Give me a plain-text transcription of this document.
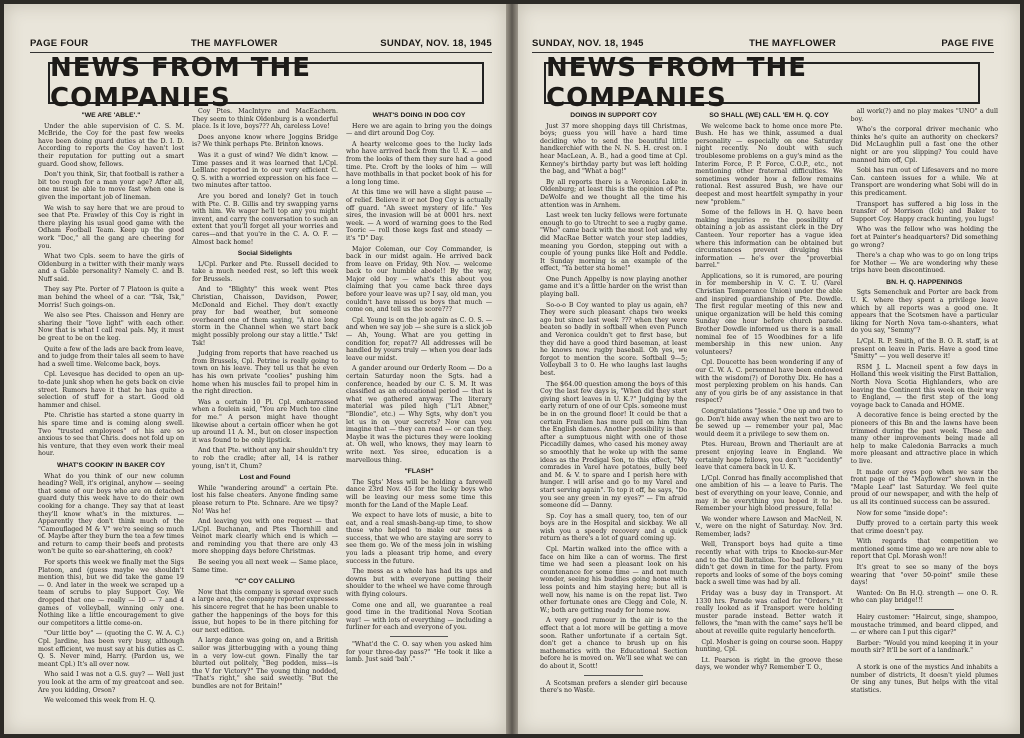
PAGE FOUR	THE MAYFLOWER	SUNDAY, NOV. 18, 1945
NEWS FROM THE COMPANIES
"WE ARE 'ABLE'."

Under the able supervision of C. S. M. McBride, the Coy for the past few weeks have been doing guard duties at the D. I. D. According to reports the Coy haven't lost their reputation for putting out a smart guard. Good show, fellows.

Don't you think, Sir, that football is rather a bit too rough for a man your age? After all, one must be able to move fast when one is given the important job of lineman.

We wish to say here that we are proud to see that Pte. Frawley of this Coy is right in there playing his usual good game with the Odham Football Team. Keep up the good work "Doc," all the gang are cheering for you.

What two Cpls. seem to have the girls of Oldenburg in a twitter with their manly ways and a Gable personality? Namely C. and B. Nuff said.

They say Pte. Porter of 7 Platoon is quite a man behind the wheel of a car. "Tsk, Tsk," Morris! Such goings-on.

We also see Ptes. Chaisson and Henry are sharing their "love light" with each other. Now that is what I call real pals. My, it must be great to be on the keg.

Quite a few of the lads are back from leave, and to judge from their tales all seem to have had a swell time. Welcome back, boys.

Cpl. Levesque has decided to open an up-to-date junk shop when he gets back on civie street. Rumors have it that he has quite a selection of stuff for a start. Good old hammer and chisel.

Pte. Christie has started a stone quarry in his spare time and is coming along swell. Two "trusted employees" of his are so anxious to see that Chris. does not fold up on his venture, that they even work their meal hour.

WHAT'S COOKIN' IN BAKER COY

What do you think of our new column heading? Well, it's original, anyhow — seeing that some of our boys who are on detached guard duty this week have to do their own cooking for a change. They say that at least they'll know what's in the mixtures. — Apparently they don't think much of the "Camouflaged M & V" we're seeing so much of. Maybe after they burn the tea a few times and return to camp their beefs and protests won't be quite so ear-shattering, eh cook?

For sports this week we finally met the Sigs Platoon, and (guess maybe we shouldn't mention this), but we did take the game 19 — 0. And later in the week we scraped up a team of scrubs to play Support Coy. We dropped that one — really — 10 — 7 and 4 games of volleyball, winning only one. Nothing like a little encouragement to give our competitors a little come-on.

"Our little boy" — (quoting the C. W. A. C.) Cpl. Jardine, has been very busy, although most efficient, we must say at his duties as C. Q. S. Never mind, Harry. (Pardon us, we meant Cpl.) It's all over now.

Who said I was not a G.S. guy? — Well just you look at the arm of my greatcoat and see. Are you kidding, Orson?

We welcomed this week from H. Q.

Coy Ptes. MacIntyre and MacEachern. They seem to think Oldenburg is a wonderful place. Is it love, boys??? Ah, careless Love!

Does anyone know where Joggins Bridge is? We think perhaps Pte. Brinton knows.

Was it a gust of wind? We didn't know. — Time passes and it was learned that L/Cpl. LeBlanc reported in to our very efficient C. Q. S. with a worried expression on his face — two minutes after tattoo.

Are you bored and lonely? Get in touch with Pte. C. B. Gillis and try swapping yarns with him. We wager he'll top any you might invent, and carry the conversation to such an extent that you'll forget all your worries and cares—and that you're in the C. A. O. F. — Almost back home!

Social Sidelights

L/Cpl. Parker and Pte. Russell decided to take a much needed rest, so left this week for Brussels.

And to "Blighty" this week went Ptes Christian, Chaisson, Davidson, Power, McDonald and Eichel. They don't exactly pray for bad weather, but someone overheard one of them saying, "A nice long storm in the Channel when we start back might possibly prolong our stay a little." Tsk! Tsk!

Judging from reports that have reached us from Brussels, Cpl. Petrine is really going to town on his leave. They tell us that he even has his own private "coolies" pushing him home when his muscles fail to propel him in the right direction.

Was a certain 10 Pl. Cpl. embarrassed when a foulein said, "You are Much too cline for me." A person might have thought likewise about a certain officer when he got up around 11 A. M., but on closer inspection it was found to be only lipstick.

And that Pte. without any hair shouldn't try to rob the cradle; after all, 14 is rather young, isn't it, Chum?

Lost and Found

While "wandering around" a certain Pte. lost his false cheaters. Anyone finding same please return to Pte. Schnare. Are we tipsy? No! Was he!

And leaving you with one request — that L/Cpl. Buchanan, and Ptes Thornhill and Veinot mark clearly which end is which — and reminding you that there are only 43 more shopping days before Christmas.

Be seeing you all next week — Same place, Same time.

"C" COY CALLING

Now that this company is spread over such a large area, the company reporter expresses his sincere regret that he has been unable to gather the happenings of the boys for this issue, but hopes to be in there pitching for our next edition.

A large dance was going on, and a British sailor was jitterbugging with a young thing in a very low-cut gown. Finally the tar blurted out politely, "Beg podden, miss—is the V for Victory?" The young thing nodded, "That's right," she said sweetly. "But the bundles are not for Britain!"

WHAT'S DOING IN DOG COY

Here we are again to bring you the doings — and dirt around Dog Coy.

A hearty welcome goes to the lucky lads who have arrived back from the U. K. — and from the looks of them they sure had a good time. Pte. Croft by the looks of him — will have mothballs in that pocket book of his for a long long time.

At this time we will have a slight pause — of relief. Believe it or not Dog Coy is actually off guard. "Ah sweet mystery of life." Yes sires, the invasion will be at 0001 hrs. next week. — A word of warning goes to the Red Tooric — roll those kegs fast and steady — it's "D" Day.

Major Coleman, our Coy Commander, is back in our midst again. He arrived back from leave on Friday, 9th Nov. — welcome back to our humble abode!! By the way, Major old boy — what's this about you claiming that you came back three days before your leave was up? I say, old man, you couldn't have missed us boys that much — come on, and tell us the score???

Cpl. Young is on the job again as C. O. S. — and when we say job — she sure is a slick job — Ah, Young. What are you getting in condition for, repat?? All addresses will be handled by yours truly — when you dear lads leave our midst.

A gander around our Orderly Room — Do a certain Saturday noon the Sgts. had a conference, headed by our C. S. M. It was classified as an educational period — that is what we gathered anyway. The literary material was piled high ("Li'l Abner," "Blondie", etc.) — Why Sgts, why don't you let us in on your secrets? Now can you imagine that — they can read — or can they. Maybe it was the pictures they were looking at. Oh well, who knows, they may learn to write next. Yes siree, education is a marvellous thing.

"FLASH"

The Sgts' Mess will be holding a farewell dance 23rd Nov. 45 for the lucky boys who will be leaving our mess some time this month for the Land of the Maple Leaf.

We expect to have lots of music, a bite to eat, and a real smash-bang-up time, to show those who helped to make our mess a success, that we who are staying are sorry to see them go. We of the mess join in wishing you lads a pleasant trip home, and every success in the future.

The mess as a whole has had its ups and downs but with everyone putting their shoulder to the wheel we have come through with flying colours.

Come one and all, we guarantee a real good time in the traditional Nova Scotian way! — with lots of everything — including a furliner for each and everyone of you.

"What'd the C. O. say when you asked him for your three-day pass?" "He took it like a lamb. Just said 'bah'."

SUNDAY, NOV. 18, 1945	THE MAYFLOWER	PAGE FIVE
NEWS FROM THE COMPANIES
DOINGS IN SUPPORT COY

Just 37 more shopping days till Christmas, boys; guess you will have a hard time deciding who to send the beautiful little handkerchief with the N. N. S. H. crest on. I hear MacLean, A. B., had a good time at Cpl. Kenney's birthday party but was left holding the bag, and "What a bag!"

By all reports there is a Veronica Lake in Oldenburg; at least this is the opinion of Pte. DeWolfe and we thought all the time his attention was in Arnhem.

Last week ten lucky fellows were fortunate enough to go to Utrecht to see a rugby game. "Who" came back with the most loot and why did MacRae Better watch your step laddies, meaning you Gordon, stepping out with a couple of young punks like Holt and Peddle. It Sunday morning is an example of the effect, "Ya better sta home!"

One Punch Appelby is now playing another game and it's a little harder on the wrist than playing ball.

So-o-o B Coy wanted to play us again, eh? They were such pleasant chaps two weeks ago but since last week ??? when they were beaten so badly in softball when even Punch and Veronica couldn't get to first base, but they did have a good third baseman, at least he knows now. rugby baseball. Oh yes, we forgot to mention the score. Softball 9—5; Volleyball 3 to 0. He who laughs last laughs best.

The $64.00 question among the boys of this Coy the last few days is, "When did they start giving short leaves in U. K.?" Judging by the early return of one of our Cpls. someone must be in on the ground floor! It could be that a certain Fraulien has more pull on him than the English dames. Another possibility is that after a sumptuous night with one of those Piccadilly dames, who cased his money away so smoothly that he woke up with the same ideas as the Prodigal Son, to this effect, "My comrades in Varel have potatoes, bully beef and M. & V. to spare and I perish here with hunger. I will arise and go to my Varel and start serving again". To top it off, he says, "Do you see any green in my eyes?" — I'm afraid someone did — Danny.

Sp. Coy has a small query, too, ten of our boys are in the Hospital and sickbay. We all wish you a speedy recovery and a quick return as there's a lot of guard coming up.

Cpl. Martin walked into the office with a face on him like a can of worms. The first time we had seen a pleasant look on his countenance for some time — and not much wonder, seeing his buddies going home with less points and him staying here; but all is well now, his name is on the repat list. Two other fortunate ones are Clegg and Cole, N. W.; both are getting ready for home now.

A very good rumour in the air is to the effect that a lot more will be getting a move soon. Rather unfortunate if a certain Sgt. don't get a chance to brush up on his mathematics with the Educational Section before he is moved on. We'll see what we can do about it, Scott!

A Scotsman prefers a slender girl because there's no Waste.

SO SHALL (WE) CALL 'EM H. Q. COY

We welcome back to home once more Pte. Bush. He has we think, assumed a dual personality — especially on one Saturday night recently. No doubt with such troublesome problems on a guy's mind as the Interim Force, P. P. Force, C.O.P., etc., not mentioning other fraternal difficulties. We sometimes wonder how a fellow remains rational. Rest assured Bush, we have our deepest and most heartfelt sympathy in your new "problem."

Some of the fellows in H. Q. have been making inquiries re the possibility of obtaining a job as assistant clerk in the Dry Canteen. Your reporter has a vague idea where this information can be obtained but circumstances prevent divulging this information — he's over the "proverbial barrel."

Applications, so it is rumored, are pouring in for membership in V. C. T. U. (Varel Christian Temperance Union) under the able and inspired guardianship of Pte. Dowdle. The first regular meeting of this new and unique organization will be held this coming Sunday one hour before church parade. Brother Dowdle informed us there is a small nominal fee of 15 Woodbines for a life membership in this new union. Any volunteers?

Cpl. Doucette has been wondering if any of our C. W. A. C. personnel have been endowed with the wisdom(?) of Dorothy Dix. He has a most perplexing problem on his hands. Can any of you girls be of any assistance in that respect?

Congratulations "Jessie." One up and two to go. Don't hide away when the next two are to be sewed up — remember your pal, Mac would deem it a privilege to sew them on.

Ptes. Hureau, Brown and Theriault are at present enjoying leave in England. We certainly hope fellows, you don't "accidently" leave that camera back in U. K.

L/Cpl. Conrad has finally accomplished that one ambition of his — a leave to Paris. The best of everything on your leave, Connie, and may it be everything you hoped it to be. Remember your high blood pressure, fella!

We wonder where Lawson and MacNeil, N. V., were on the night of Saturday. Nov. 3rd. Remember, lads?

Well, Transport boys had quite a time recently what with trips to Knocke-sur-Mer and to the Old Battalion. Too bad fellows you didn't get down in time for the party. From reports and looks of some of the boys coming back a swell time was had by all.

Friday was a busy day in Transport. At 1330 hrs. Parade was called for "Orders." It really looked as if Transport were holding muster parade instead. Better watch it fellows, the "man with the came" says he'll be about at reveille quite regularly henceforth.

Cpl. Mosher is going on course soon. Happy hunting, Cpl.

Lt. Pearson is right in the groove these days, we wonder why? Remember T. O.,

all work(?) and no play makes "UNO" a dull boy.

Who's the corporal driver mechanic who thinks he's quite an authority on checkers? Did McLaughlin pull a fast one the other night or are you slipping? You could have manned him off, Cpl.

Sobi has run out of Lifesavers and no more Can. canteen issues for a while. We at Transport are wondering what Sobi will do in this predicament.

Transport has suffered a big loss in the transfer of Morrison (Ick) and Baker to Support Coy. Happy crack hunting, you lugs!

Who was the fellow who was holding the fort at Painter's headquarters? Did something go wrong?

There's a chap who was to go on long trips for Mother — We are wondering why these trips have been discontinued.

BN. H. Q. HAPPENINGS

Sgts Semenchuk and Porter are back from U. K. where they spent a privilege leave which by all reports was a good one. It appears that the Scotsmen have a particular liking for North Nova tam-o-shanters, what do you say, "Semmy"?

L/Cpl. R. P. Smith, of the B. O. R. staff, is at present on leave in Paris. Have a good time "Smitty" — you well deserve it!

RSM J. L. Macneil spent a few days in Holland this week visiting the First Battalion, North Nova Scotia Highlanders, who are leaving the Continent this week on their way to England, — the first step of the long voyage back to Canada and HOME.

A decorative fence is being erected by the pioneers of this Bn and the lawns have been trimmed during the past week. These and many other improvements being made all help to make Caledonia Barracks a much more pleasant and attractive place in which to live.

It made our eyes pop when we saw the front page of the "Mayflower" shown in the "Maple Leaf" last Saturday. We feel quite proud of our newspaper, and with the help of us all its continued success can be assured.

Now for some "inside dope":

Duffy proved to a certain party this week that crime doesn't pay.

With regards that competition we mentioned some time ago we are now able to report that Cpl. Morash won!!

It's great to see so many of the boys wearing that "over 50-point" smile these days!

Wanted: On Bn H.Q. strength — one O. R. who can play bridge!!!

Hairy customer: "Haircut, singe, shampoo, moustache trimmed, and beard clipped, and — er where can I put this cigar?"

Barber: "Would you mind keeping it in your mouth sir? It'll be sort of a landmark."

A stork is one of the mystics And inhabits a number of districts, It doesn't yield plumes Or sing any tunes, But helps with the vital statistics.
